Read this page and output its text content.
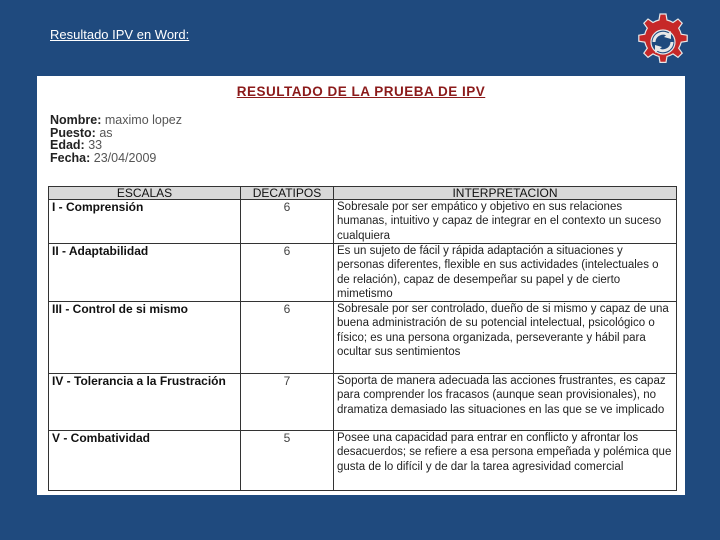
Resultado IPV en Word:
RESULTADO DE LA PRUEBA DE IPV
Nombre: maximo lopez
Puesto: as
Edad: 33
Fecha: 23/04/2009
ESCALAS	DECATIPOS	INTERPRETACION
I - Comprensión	6	Sobresale por ser empático y objetivo en sus relaciones humanas, intuitivo y capaz de integrar en el contexto un suceso cualquiera
II - Adaptabilidad	6	Es un sujeto de fácil y rápida adaptación a situaciones y personas diferentes, flexible en sus actividades (intelectuales o de relación), capaz de desempeñar su papel y de cierto mimetismo
III - Control de si mismo	6	Sobresale por ser controlado, dueño de si mismo y capaz de una buena administración de su potencial intelectual, psicológico o físico; es una persona organizada, perseverante y hábil para ocultar sus sentimientos
IV - Tolerancia a la Frustración	7	Soporta de manera adecuada las acciones frustrantes, es capaz para comprender los fracasos (aunque sean provisionales), no dramatiza demasiado las situaciones en las que se ve implicado
V - Combatividad	5	Posee una capacidad para entrar en conflicto y afrontar los desacuerdos; se refiere a esa persona empeñada y polémica que gusta de lo difícil y de dar la tarea agresividad comercial
